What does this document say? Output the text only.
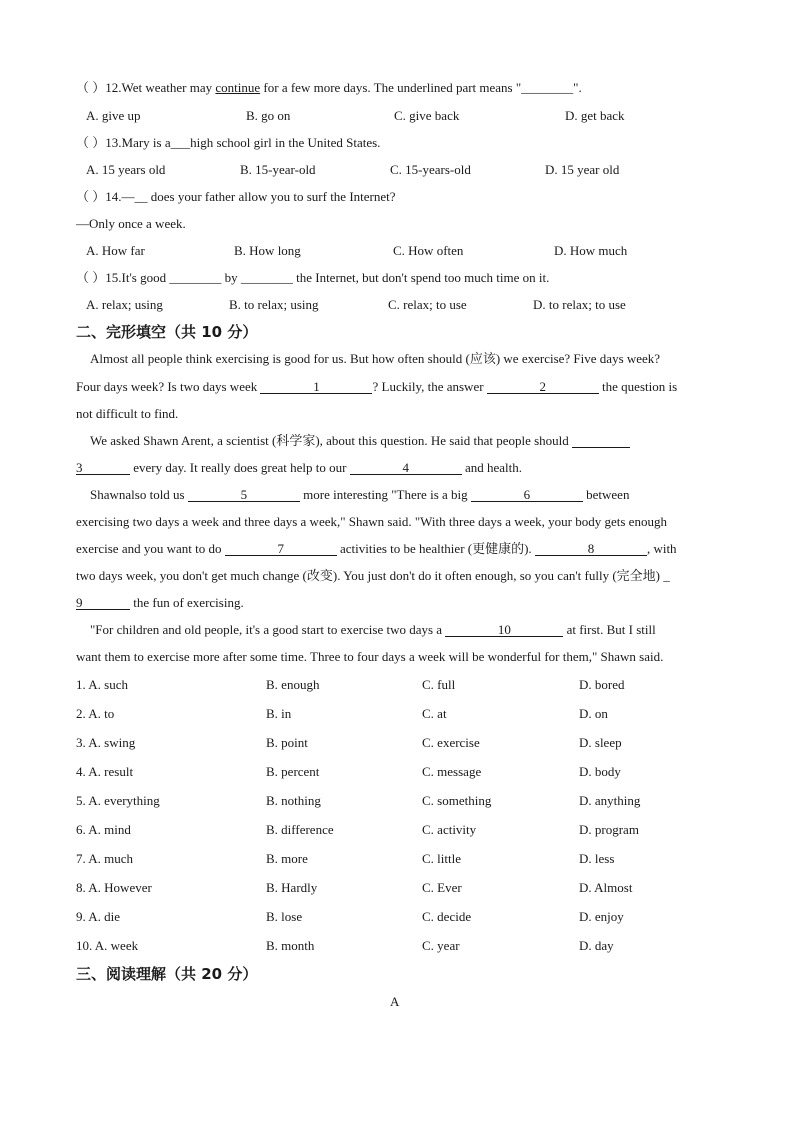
（ ）12.Wet weather may continue for a few more days. The underlined part means "________".
A. give up	B. go on	C. give back	D. get back
（ ）13.Mary is a___high school girl in the United States.
A. 15 years old	B. 15-year-old	C. 15-years-old	D. 15 year old
（ ）14.—__ does your father allow you to surf the Internet?
—Only once a week.
A. How far	B. How long	C. How often	D. How much
（ ）15.It's good ________ by ________ the Internet, but don't spend too much time on it.
A. relax; using	B. to relax; using	C. relax; to use	D. to relax; to use
二、完形填空（共 10 分）
Almost all people think exercising is good for us. But how often should (应该) we exercise? Five days week?
Four days week? Is two days week	1	? Luckily, the answer	2	the question is
not difficult to find.
We asked Shawn Arent, a scientist (科学家), about this question. He said that people should
3	every day. It really does great help to our	4	and health.
Shawnalso told us	5	more interesting "There is a big	6	between
exercising two days a week and three days a week," Shawn said. "With three days a week, your body gets enough
exercise and you want to do	7	activities to be healthier (更健康的).	8	, with
two days week, you don't get much change (改变). You just don't do it often enough, so you can't fully (完全地) _
9	the fun of exercising.
"For children and old people, it's a good start to exercise two days a	10	at first. But I still
want them to exercise more after some time. Three to four days a week will be wonderful for them," Shawn said.
1. A. such	B. enough	C. full	D. bored
2. A. to	B. in	C. at	D. on
3. A. swing	B. point	C. exercise	D. sleep
4. A. result	B. percent	C. message	D. body
5. A. everything	B. nothing	C. something	D. anything
6. A. mind	B. difference	C. activity	D. program
7. A. much	B. more	C. little	D. less
8. A. However	B. Hardly	C. Ever	D. Almost
9. A. die	B. lose	C. decide	D. enjoy
10. A. week	B. month	C. year	D. day
三、阅读理解（共 20 分）
A
